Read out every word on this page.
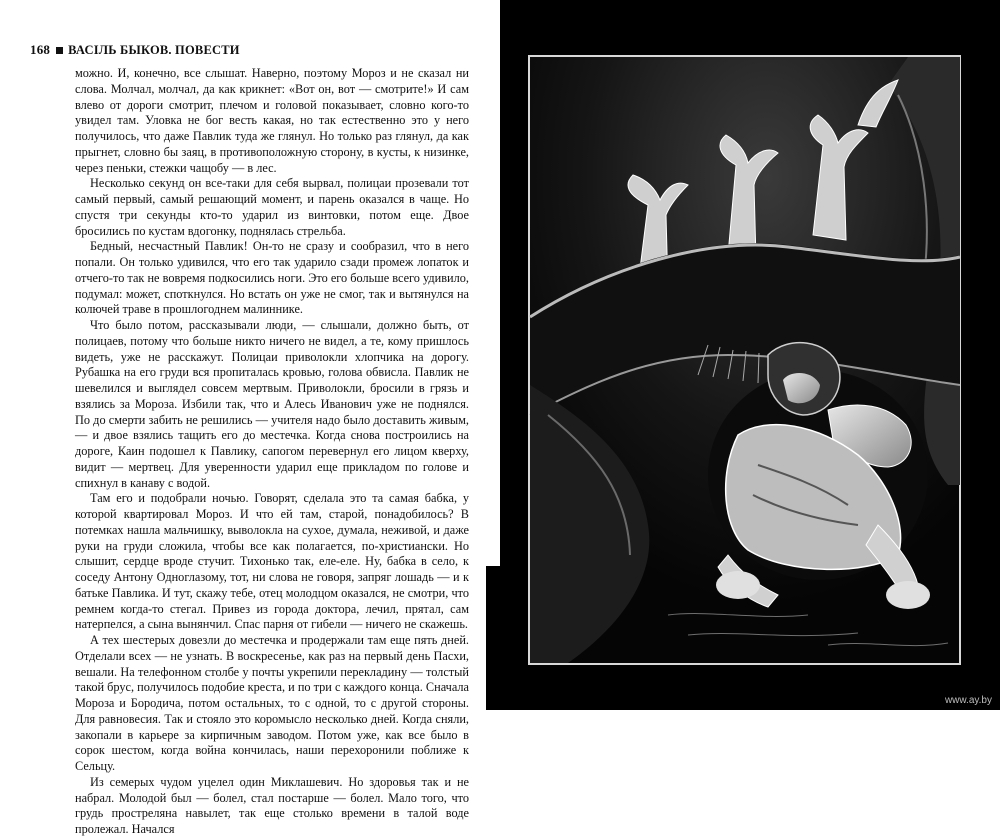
168 ВАСІЛЬ БЫКОВ. ПОВЕСТИ

можно. И, конечно, все слышат. Наверно, поэтому Мороз и не сказал ни слова. Молчал, молчал, да как крикнет: «Вот он, вот — смотрите!» И сам влево от дороги смотрит, плечом и головой показывает, словно кого-то увидел там. Уловка не бог весть какая, но так естественно это у него получилось, что даже Павлик туда же глянул. Но только раз глянул, да как прыгнет, словно бы заяц, в противоположную сторону, в кусты, к низинке, через пеньки, стежки чащобу — в лес.

Несколько секунд он все-таки для себя вырвал, полицаи прозевали тот самый первый, самый решающий момент, и парень оказался в чаще. Но спустя три секунды кто-то ударил из винтовки, потом еще. Двое бросились по кустам вдогонку, поднялась стрельба.

Бедный, несчастный Павлик! Он-то не сразу и сообразил, что в него попали. Он только удивился, что его так ударило сзади промеж лопаток и отчего-то так не вовремя подкосились ноги. Это его больше всего удивило, подумал: может, споткнулся. Но встать он уже не смог, так и вытянулся на колючей траве в прошлогоднем малиннике.

Что было потом, рассказывали люди, — слышали, должно быть, от полицаев, потому что больше никто ничего не видел, а те, кому пришлось видеть, уже не расскажут. Полицаи приволокли хлопчика на дорогу. Рубашка на его груди вся пропиталась кровью, голова обвисла. Павлик не шевелился и выглядел совсем мертвым. Приволокли, бросили в грязь и взялись за Мороза. Избили так, что и Алесь Иванович уже не поднялся. По до смерти забить не решились — учителя надо было доставить живым, — и двое взялись тащить его до местечка. Когда снова построились на дороге, Каин подошел к Павлику, сапогом перевернул его лицом кверху, видит — мертвец. Для уверенности ударил еще прикладом по голове и спихнул в канаву с водой.

Там его и подобрали ночью. Говорят, сделала это та самая бабка, у которой квартировал Мороз. И что ей там, старой, понадобилось? В потемках нашла мальчишку, выволокла на сухое, думала, неживой, и даже руки на груди сложила, чтобы все как полагается, по-христиански. Но слышит, сердце вроде стучит. Тихонько так, еле-еле. Ну, бабка в село, к соседу Антону Одноглазому, тот, ни слова не говоря, запряг лошадь — и к батьке Павлика. И тут, скажу тебе, отец молодцом оказался, не смотри, что ремнем когда-то стегал. Привез из города доктора, лечил, прятал, сам натерпелся, а сына вынянчил. Спас парня от гибели — ничего не скажешь.

А тех шестерых довезли до местечка и продержали там еще пять дней. Отделали всех — не узнать. В воскресенье, как раз на первый день Пасхи, вешали. На телефонном столбе у почты укрепили перекладину — толстый такой брус, получилось подобие креста, и по три с каждого конца. Сначала Мороза и Бородича, потом остальных, то с одной, то с другой стороны. Для равновесия. Так и стояло это коромысло несколько дней. Когда сняли, закопали в карьере за кирпичным заводом. Потом уже, как все было в сорок шестом, когда война кончилась, наши перехоронили поближе к Сельцу.

Из семерых чудом уцелел один Миклашевич. Но здоровья так и не набрал. Молодой был — болел, стал постарше — болел. Мало того, что грудь простреляна навылет, так еще столько времени в талой воде пролежал. Начался

www.ay.by
